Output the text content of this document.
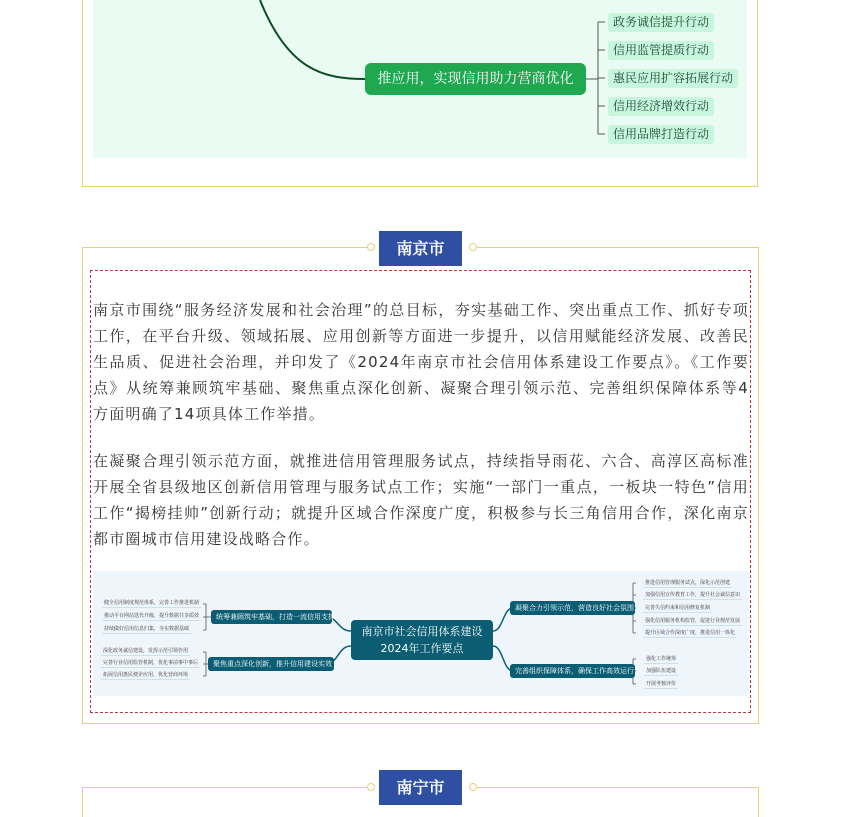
推应用，实现信用助力营商优化
政务诚信提升行动
信用监管提质行动
惠民应用扩容拓展行动
信用经济增效行动
信用品牌打造行动
南京市
南京市围绕“服务经济发展和社会治理”的总目标，夯实基础工作、突出重点工作、抓好专项工作，在平台升级、领域拓展、应用创新等方面进一步提升，以信用赋能经济发展、改善民生品质、促进社会治理，并印发了《2024年南京市社会信用体系建设工作要点》。《工作要点》从统筹兼顾筑牢基础、聚焦重点深化创新、凝聚合理引领示范、完善组织保障体系等4方面明确了14项具体工作举措。
在凝聚合理引领示范方面，就推进信用管理服务试点，持续指导雨花、六合、高淳区高标准开展全省县级地区创新信用管理与服务试点工作；实施“一部门一重点，一板块一特色”信用工作“揭榜挂帅”创新行动；就提升区域合作深度广度，积极参与长三角信用合作，深化南京都市圈城市信用建设战略合作。
南京市社会信用体系建设
2024年工作要点
统筹兼顾筑牢基础，打造一流信用支撑
聚焦重点深化创新，推升信用建设实效
凝聚合力引领示范，营造良好社会氛围
完善组织保障体系，确保工作高效运行
健全信用制度规范体系，完善工作推进机制
推动平台网站迭代升级，提升数据共享质效
持续做好信用信息归集，夯实数据基础
深化政务诚信建设，发挥示范引领作用
完善行业信用监管机制，优化事前事中事后
拓展信用惠民便企应用，优化营商环境
推进信用管理服务试点，深化示范创建
加强信用宣传教育工作，提升社会诚信意识
完善失信约束和信用修复机制
强化信用服务机构监管，促进行业规范发展
提升区域合作深度广度，推进信用一体化
强化工作统筹
加强队伍建设
开展考核评价
南宁市
